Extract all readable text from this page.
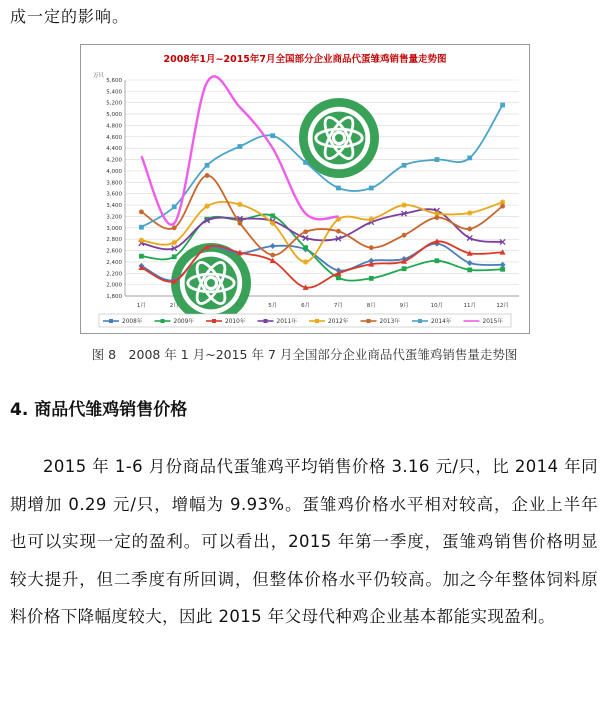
成一定的影响。
2008年1月~2015年7月全国部分企业商品代蛋雏鸡销售量走势图
万只
1,800
2,000
2,200
2,400
2,600
2,800
3,000
3,200
3,400
3,600
3,800
4,000
4,200
4,400
4,600
4,800
5,000
5,200
5,400
5,600
1月	2月	5月	6月	7月	8月	9月	10月	11月	12月
2008年	2009年	2010年	2011年	2012年	2013年	2014年	2015年
图 8　2008 年 1 月~2015 年 7 月全国部分企业商品代蛋雏鸡销售量走势图
4. 商品代雏鸡销售价格
2015 年 1-6 月份商品代蛋雏鸡平均销售价格 3.16 元/只，比 2014 年同期增加 0.29 元/只，增幅为 9.93%。蛋雏鸡价格水平相对较高，企业上半年也可以实现一定的盈利。可以看出，2015 年第一季度，蛋雏鸡销售价格明显较大提升，但二季度有所回调，但整体价格水平仍较高。加之今年整体饲料原料价格下降幅度较大，因此 2015 年父母代种鸡企业基本都能实现盈利。
